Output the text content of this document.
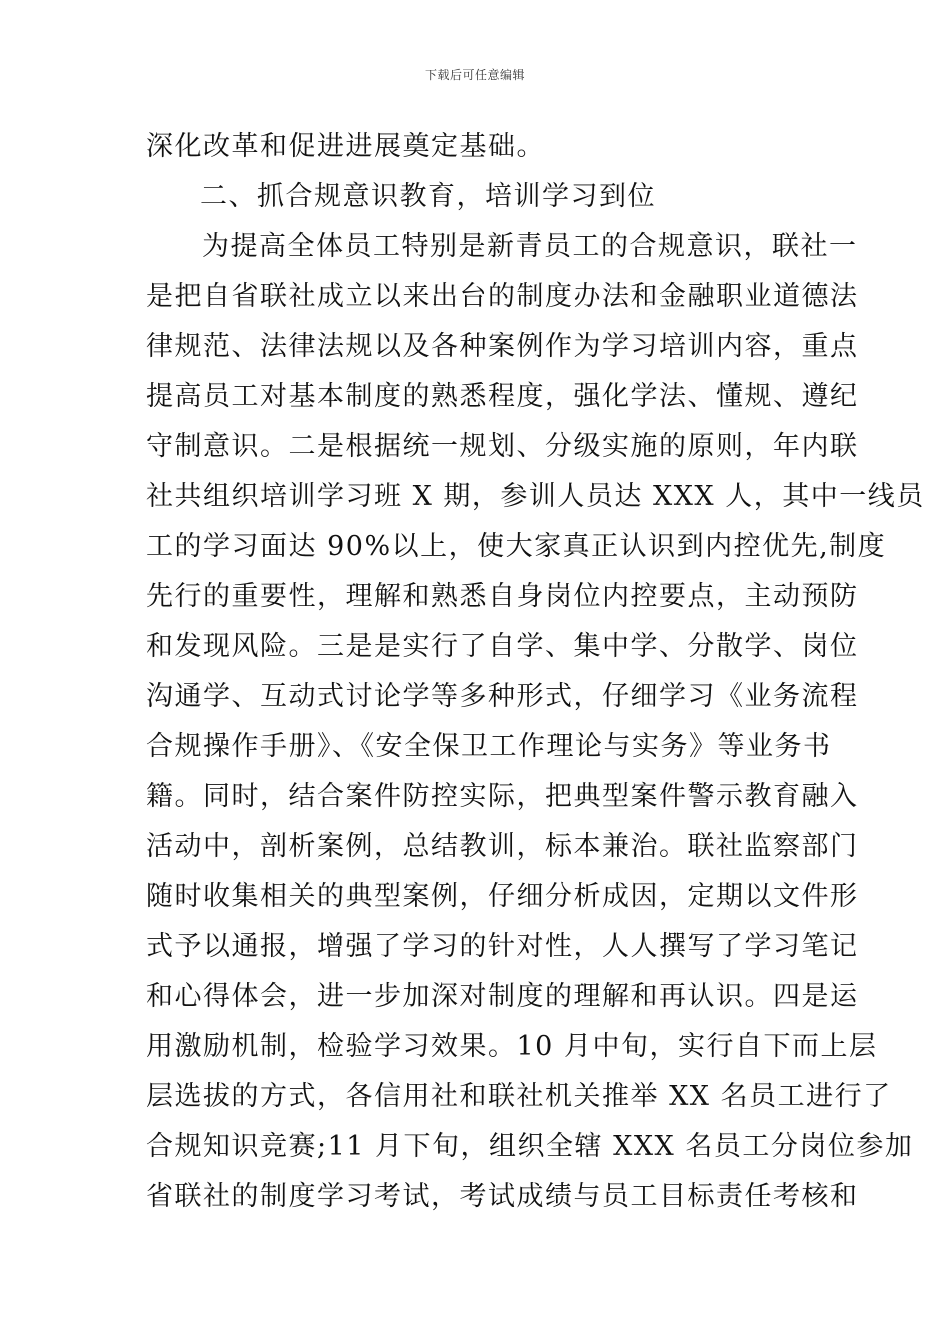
下载后可任意编辑
深化改革和促进进展奠定基础。
二、抓合规意识教育，培训学习到位
为提高全体员工特别是新青员工的合规意识，联社一
是把自省联社成立以来出台的制度办法和金融职业道德法
律规范、法律法规以及各种案例作为学习培训内容，重点
提高员工对基本制度的熟悉程度，强化学法、懂规、遵纪
守制意识。二是根据统一规划、分级实施的原则，年内联
社共组织培训学习班 X 期，参训人员达 XXX 人，其中一线员
工的学习面达 90%以上，使大家真正认识到内控优先,制度
先行的重要性，理解和熟悉自身岗位内控要点，主动预防
和发现风险。三是是实行了自学、集中学、分散学、岗位
沟通学、互动式讨论学等多种形式，仔细学习《业务流程
合规操作手册》、《安全保卫工作理论与实务》等业务书
籍。同时，结合案件防控实际，把典型案件警示教育融入
活动中，剖析案例，总结教训，标本兼治。联社监察部门
随时收集相关的典型案例，仔细分析成因，定期以文件形
式予以通报，增强了学习的针对性，人人撰写了学习笔记
和心得体会，进一步加深对制度的理解和再认识。四是运
用激励机制，检验学习效果。10 月中旬，实行自下而上层
层选拔的方式，各信用社和联社机关推举 XX 名员工进行了
合规知识竞赛;11 月下旬，组织全辖 XXX 名员工分岗位参加
省联社的制度学习考试，考试成绩与员工目标责任考核和
